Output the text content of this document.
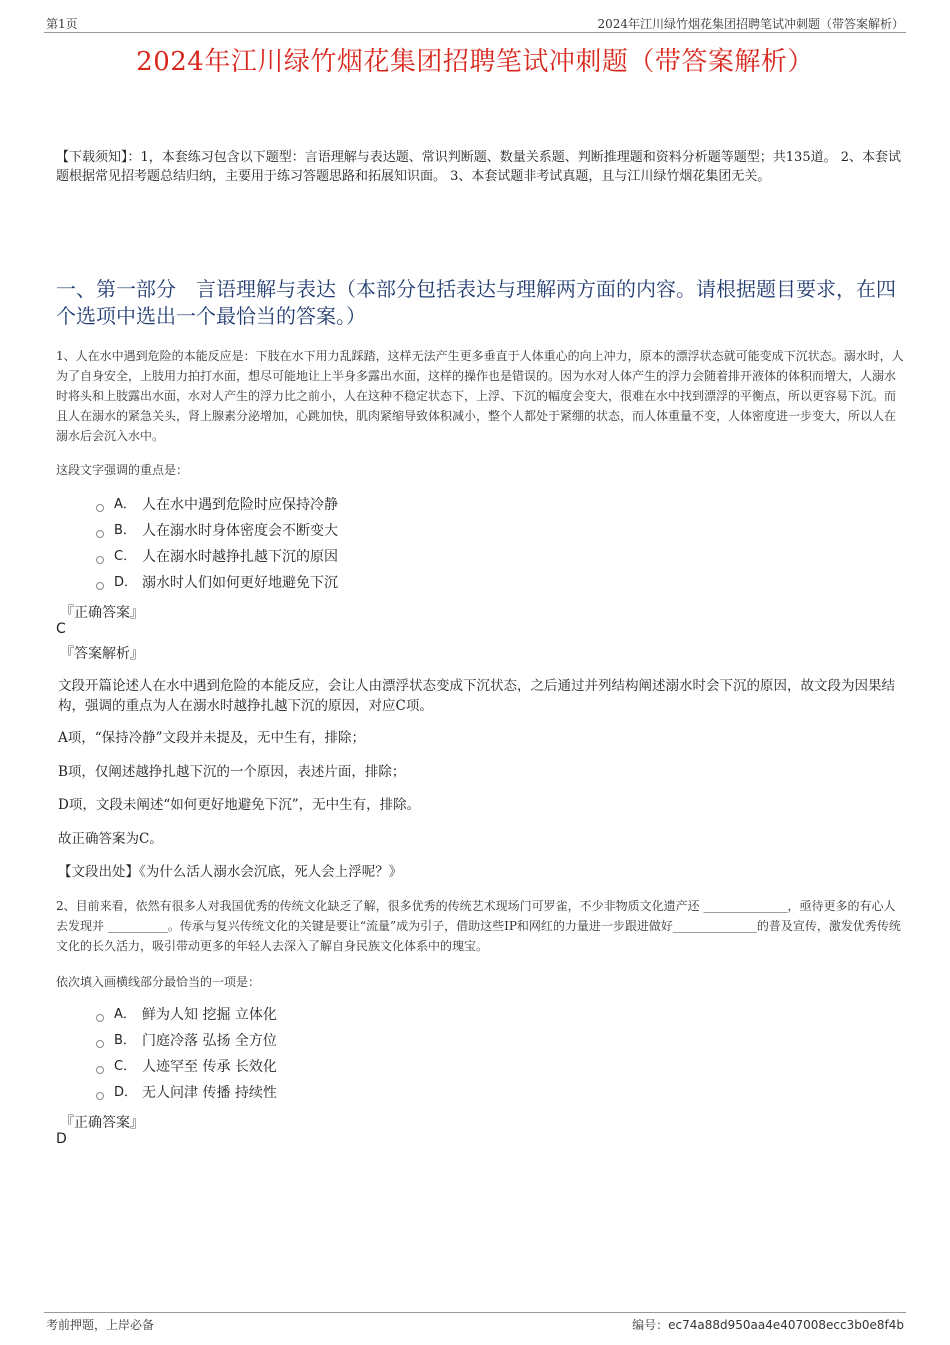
第1页	2024年江川绿竹烟花集团招聘笔试冲刺题（带答案解析）
2024年江川绿竹烟花集团招聘笔试冲刺题（带答案解析）
【下载须知】：1，本套练习包含以下题型：言语理解与表达题、常识判断题、数量关系题、判断推理题和资料分析题等题型；共135道。 2、本套试题根据常见招考题总结归纳，主要用于练习答题思路和拓展知识面。 3、本套试题非考试真题，且与江川绿竹烟花集团无关。
一、第一部分　言语理解与表达（本部分包括表达与理解两方面的内容。请根据题目要求，在四个选项中选出一个最恰当的答案。）
1、人在水中遇到危险的本能反应是：下肢在水下用力乱踩踏，这样无法产生更多垂直于人体重心的向上冲力，原本的漂浮状态就可能变成下沉状态。溺水时，人为了自身安全，上肢用力拍打水面，想尽可能地让上半身多露出水面，这样的操作也是错误的。因为水对人体产生的浮力会随着排开液体的体积而增大，人溺水时将头和上肢露出水面，水对人产生的浮力比之前小，人在这种不稳定状态下，上浮、下沉的幅度会变大，很难在水中找到漂浮的平衡点，所以更容易下沉。而且人在溺水的紧急关头，肾上腺素分泌增加，心跳加快，肌肉紧缩导致体积减小，整个人都处于紧绷的状态，而人体重量不变，人体密度进一步变大，所以人在溺水后会沉入水中。
这段文字强调的重点是：
A． 人在水中遇到危险时应保持冷静
B． 人在溺水时身体密度会不断变大
C． 人在溺水时越挣扎越下沉的原因
D． 溺水时人们如何更好地避免下沉
『正确答案』
C
『答案解析』
文段开篇论述人在水中遇到危险的本能反应，会让人由漂浮状态变成下沉状态，之后通过并列结构阐述溺水时会下沉的原因，故文段为因果结构，强调的重点为人在溺水时越挣扎越下沉的原因，对应C项。
A项，“保持冷静”文段并未提及，无中生有，排除；
B项，仅阐述越挣扎越下沉的一个原因，表述片面，排除；
D项，文段未阐述“如何更好地避免下沉”，无中生有，排除。
故正确答案为C。
【文段出处】《为什么活人溺水会沉底，死人会上浮呢？》
2、目前来看，依然有很多人对我国优秀的传统文化缺乏了解，很多优秀的传统艺术现场门可罗雀，不少非物质文化遗产还 ______________，亟待更多的有心人去发现并 __________。传承与复兴传统文化的关键是要让“流量”成为引子，借助这些IP和网红的力量进一步跟进做好______________的普及宣传，激发优秀传统文化的长久活力，吸引带动更多的年轻人去深入了解自身民族文化体系中的瑰宝。
依次填入画横线部分最恰当的一项是：
A． 鲜为人知 挖掘 立体化
B． 门庭冷落 弘扬 全方位
C． 人迹罕至 传承 长效化
D． 无人问津 传播 持续性
『正确答案』
D
考前押题，上岸必备	编号：ec74a88d950aa4e407008ecc3b0e8f4b
